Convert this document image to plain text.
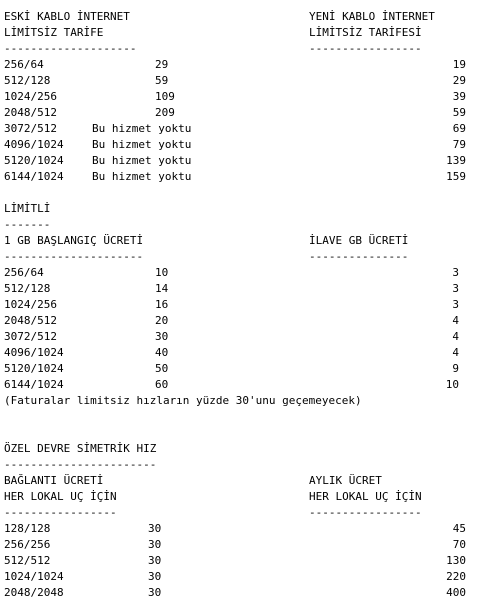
ESKİ KABLO İNTERNET
LİMİTSİZ TARİFE
--------------------
YENİ KABLO İNTERNET
LİMİTSİZ TARİFESİ
-----------------
256/64	29	19
512/128	59	29
1024/256	109	39
2048/512	209	59
3072/512	Bu hizmet yoktu	69
4096/1024	Bu hizmet yoktu	79
5120/1024	Bu hizmet yoktu	139
6144/1024	Bu hizmet yoktu	159
LİMİTLİ
-------
1 GB BAŞLANGIÇ ÜCRETİ
---------------------
İLAVE GB ÜCRETİ
---------------
256/64	10	3
512/128	14	3
1024/256	16	3
2048/512	20	4
3072/512	30	4
4096/1024	40	4
5120/1024	50	9
6144/1024	60	10
(Faturalar limitsiz hızların yüzde 30'unu geçemeyecek)
ÖZEL DEVRE SİMETRİK HIZ
-----------------------
BAĞLANTI ÜCRETİ
HER LOKAL UÇ İÇİN
-----------------
AYLIK ÜCRET
HER LOKAL UÇ İÇİN
-----------------
128/128	30	45
256/256	30	70
512/512	30	130
1024/1024	30	220
2048/2048	30	400
